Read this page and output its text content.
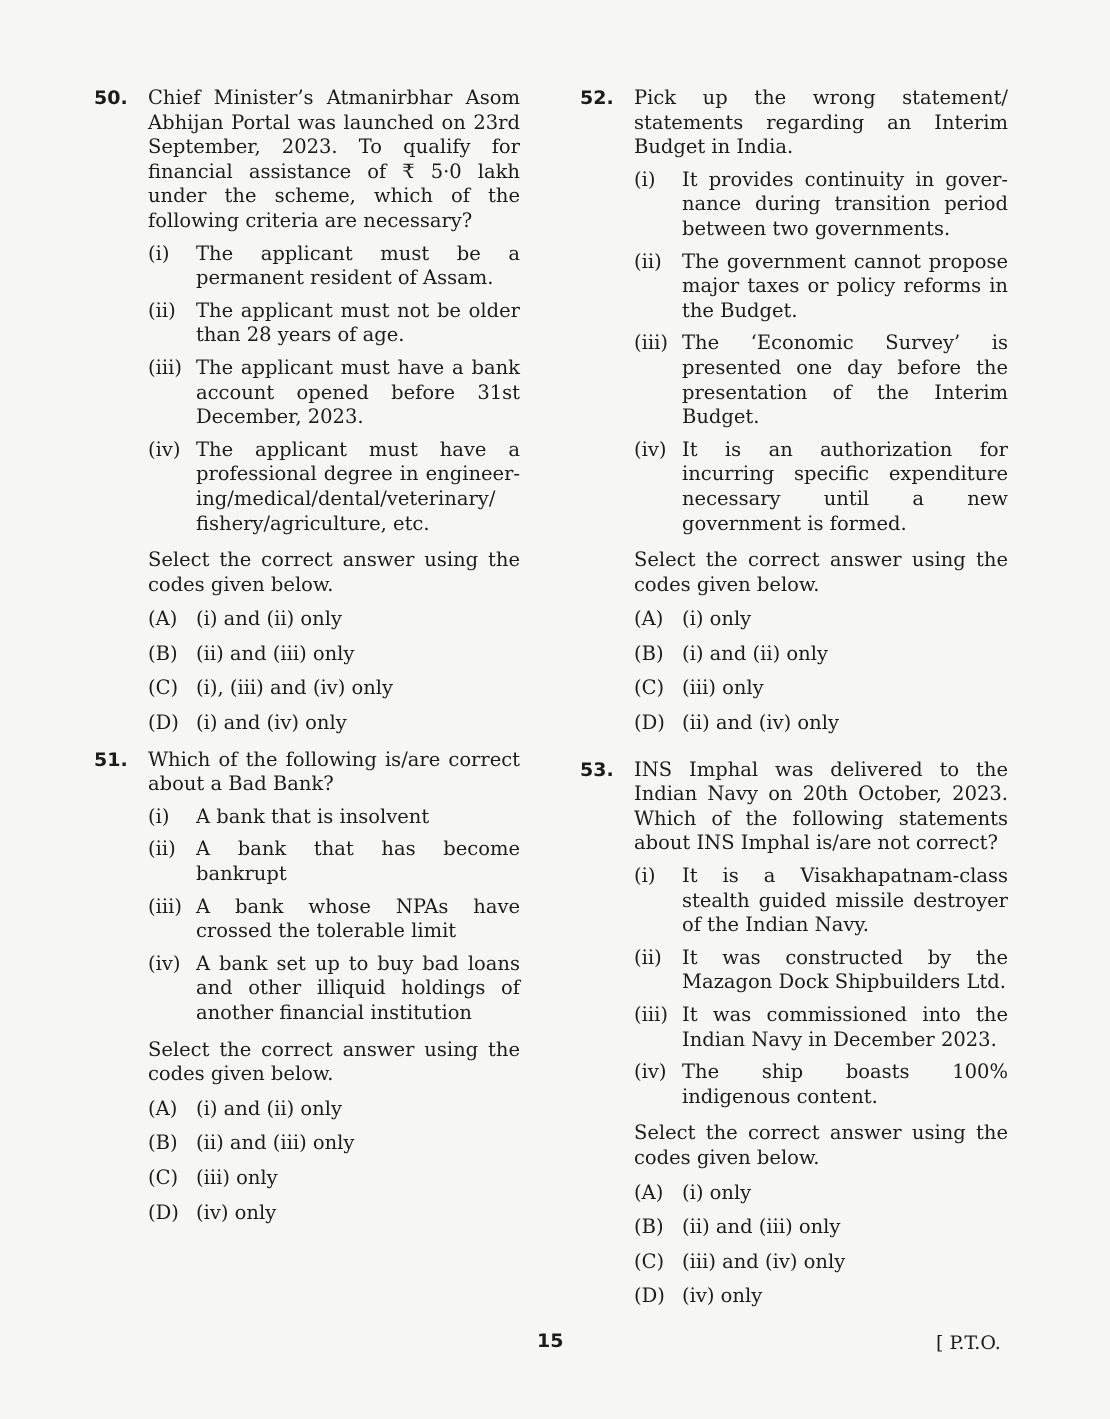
50. Chief Minister’s Atmanirbhar Asom Abhijan Portal was launched on 23rd September, 2023. To qualify for financial assistance of ₹ 5·0 lakh under the scheme, which of the following criteria are necessary?
(i)	The applicant must be a permanent resident of Assam.
(ii)	The applicant must not be older than 28 years of age.
(iii) The applicant must have a bank account opened before 31st December, 2023.
(iv) The applicant must have a professional degree in engineering/medical/dental/veterinary/ fishery/agriculture, etc.
Select the correct answer using the codes given below.
(A) (i) and (ii) only
(B) (ii) and (iii) only
(C) (i), (iii) and (iv) only
(D) (i) and (iv) only
51. Which of the following is/are correct about a Bad Bank?
(i)	A bank that is insolvent
(ii)	A bank that has become bankrupt
(iii) A bank whose NPAs have crossed the tolerable limit
(iv) A bank set up to buy bad loans and other illiquid holdings of another financial institution
Select the correct answer using the codes given below.
(A) (i) and (ii) only
(B) (ii) and (iii) only
(C) (iii) only
(D) (iv) only
52. Pick up the wrong statement/ statements regarding an Interim Budget in India.
(i)	It provides continuity in governance during transition period between two governments.
(ii)	The government cannot propose major taxes or policy reforms in the Budget.
(iii) The ‘Economic Survey’ is presented one day before the presentation of the Interim Budget.
(iv) It is an authorization for incurring specific expenditure necessary until a new government is formed.
Select the correct answer using the codes given below.
(A) (i) only
(B) (i) and (ii) only
(C) (iii) only
(D) (ii) and (iv) only
53. INS Imphal was delivered to the Indian Navy on 20th October, 2023. Which of the following statements about INS Imphal is/are not correct?
(i)	It is a Visakhapatnam-class stealth guided missile destroyer of the Indian Navy.
(ii)	It was constructed by the Mazagon Dock Shipbuilders Ltd.
(iii) It was commissioned into the Indian Navy in December 2023.
(iv) The ship boasts 100% indigenous content.
Select the correct answer using the codes given below.
(A) (i) only
(B) (ii) and (iii) only
(C) (iii) and (iv) only
(D) (iv) only
15	[ P.T.O.
